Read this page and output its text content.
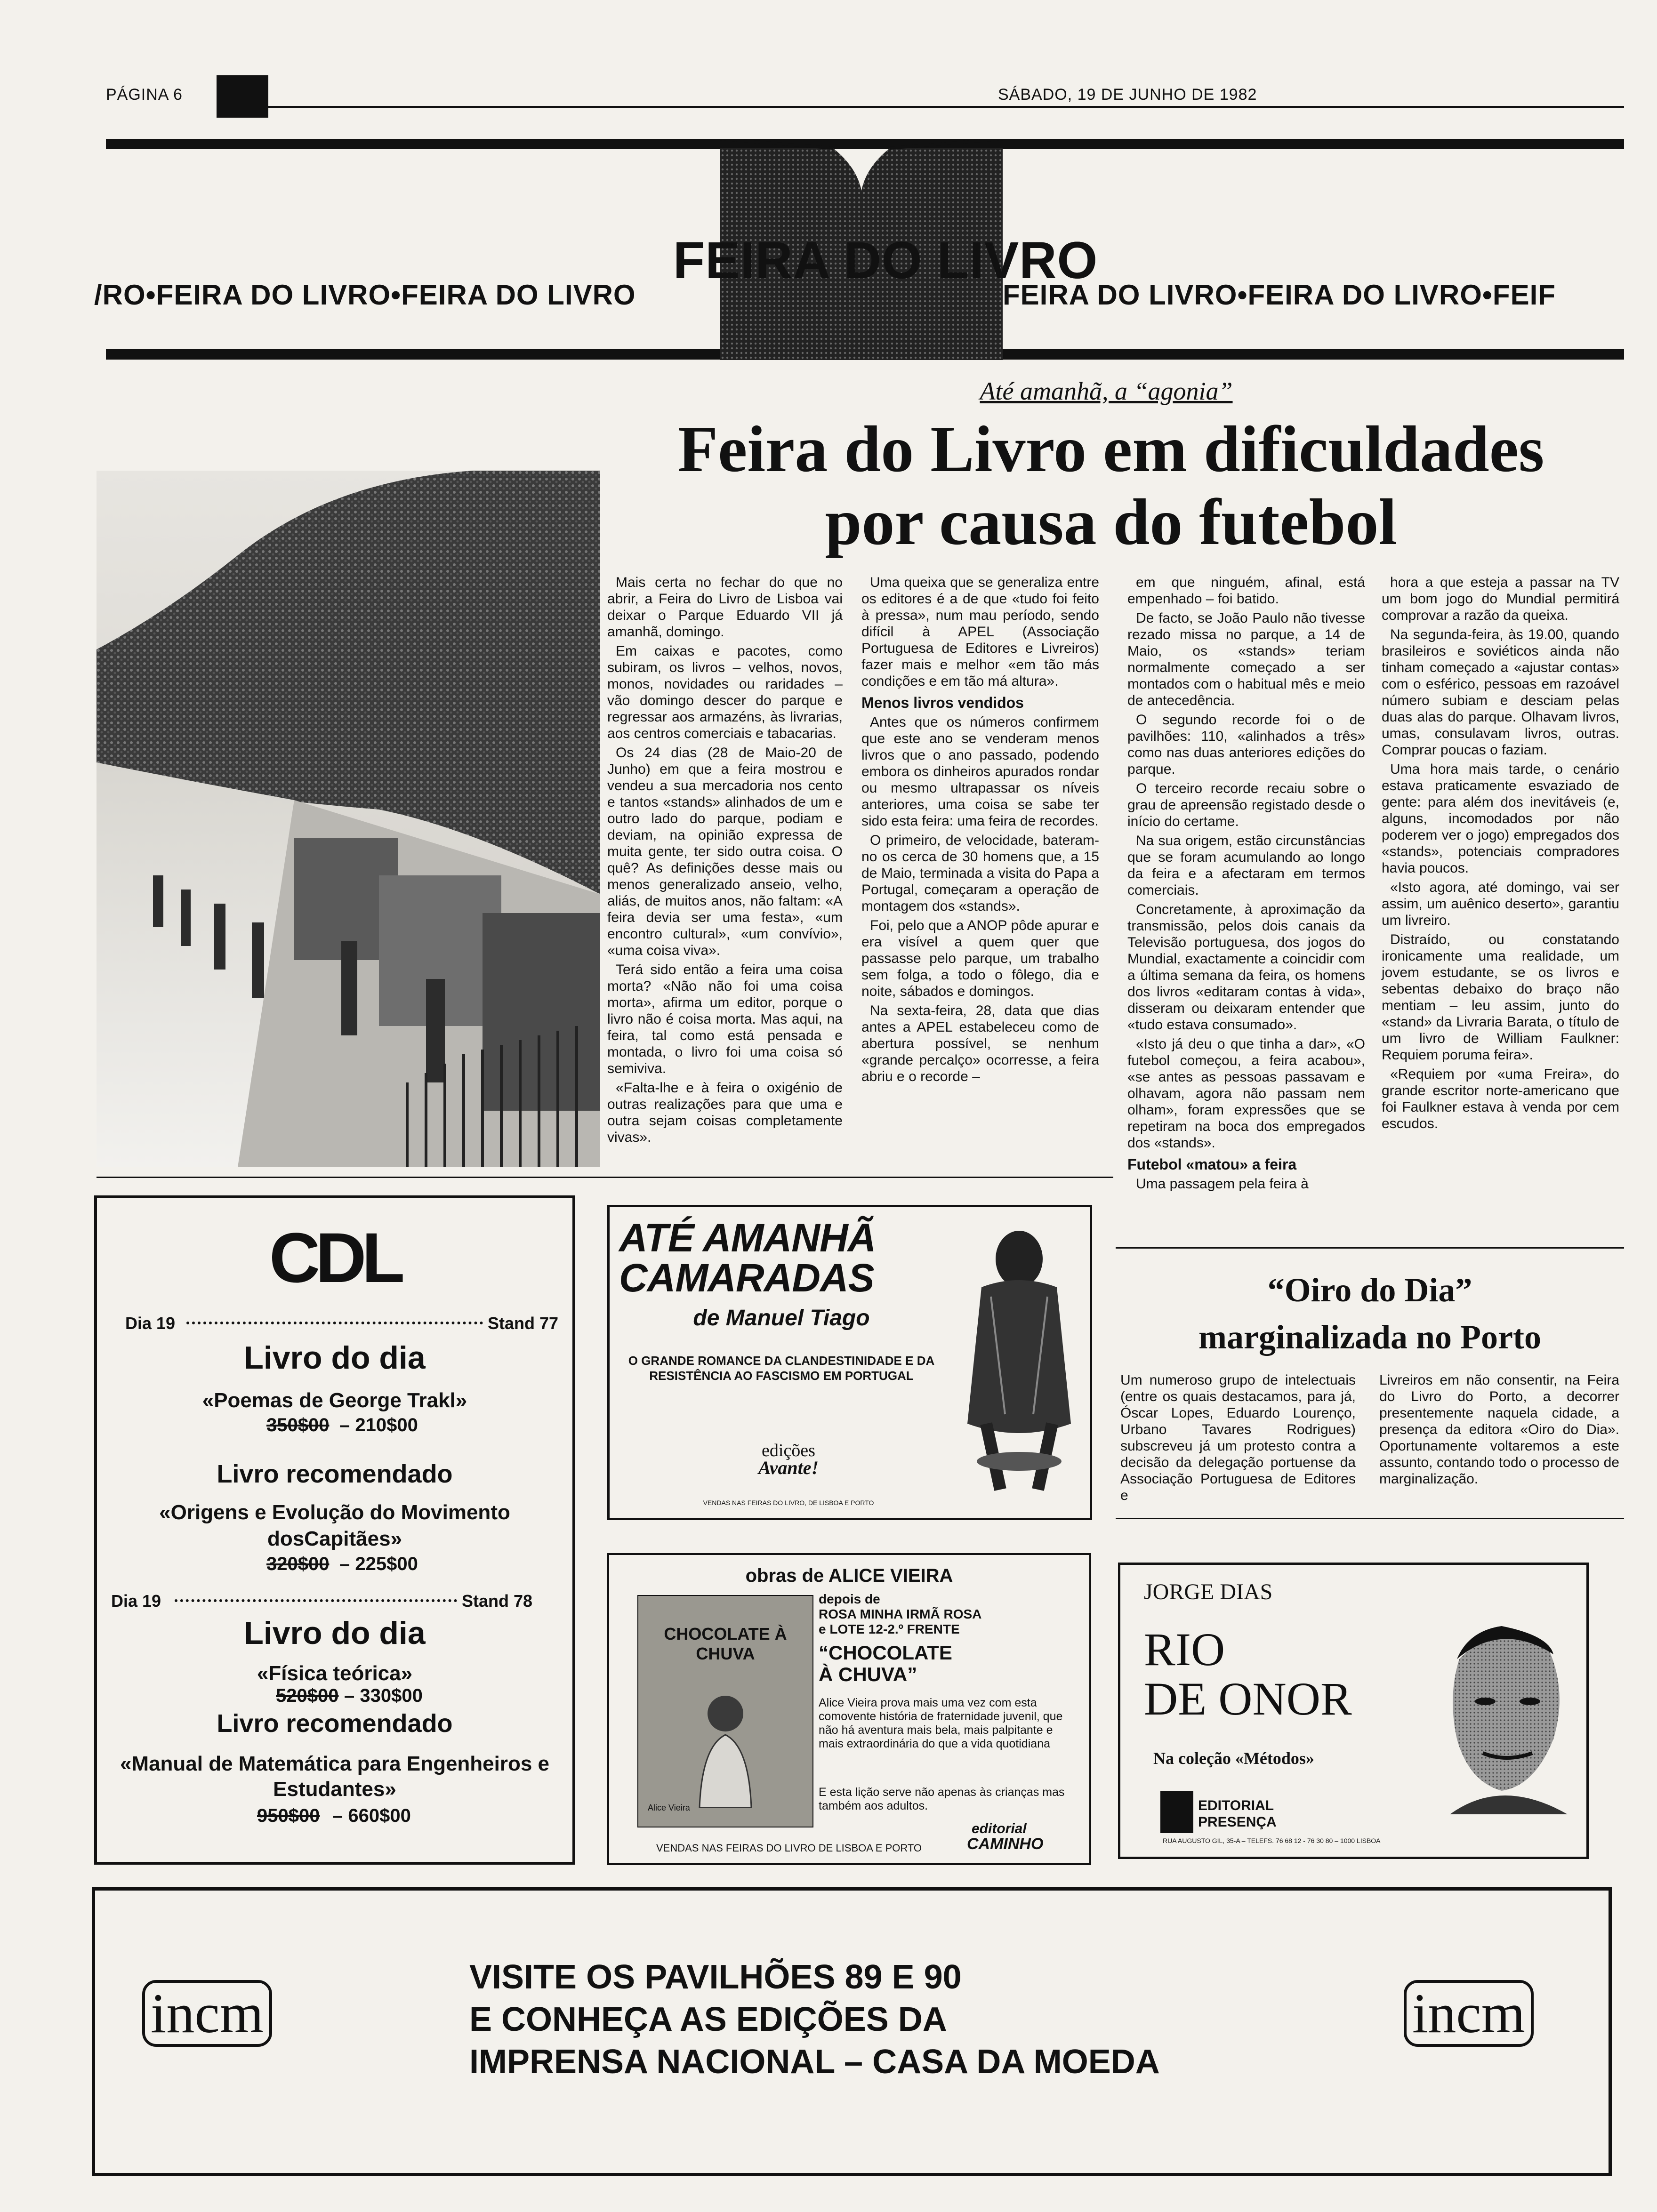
PÁGINA 6	SÁBADO, 19 DE JUNHO DE 1982
/RO•FEIRA DO LIVRO•FEIRA DO LIVRO	FEIRA DO LIVRO•FEIRA DO LIVRO•FEIF
FEIRA DO LIVRO
Até amanhã, a “agonia”
Feira do Livro em dificuldades
por causa do futebol

Mais certa no fechar do que no abrir, a Feira do Livro de Lisboa vai deixar o Parque Eduardo VII já amanhã, domingo.

Em caixas e pacotes, como subiram, os livros – velhos, novos, monos, novidades ou raridades – vão domingo descer do parque e regressar aos armazéns, às livrarias, aos centros comerciais e tabacarias.

Os 24 dias (28 de Maio-20 de Junho) em que a feira mostrou e vendeu a sua mercadoria nos cento e tantos «stands» alinhados de um e outro lado do parque, podiam e deviam, na opinião expressa de muita gente, ter sido outra coisa. O quê? As definições desse mais ou menos generalizado anseio, velho, aliás, de muitos anos, não faltam: «A feira devia ser uma festa», «um encontro cultural», «um convívio», «uma coisa viva».

Terá sido então a feira uma coisa morta? «Não não foi uma coisa morta», afirma um editor, porque o livro não é coisa morta. Mas aqui, na feira, tal como está pensada e montada, o livro foi uma coisa só semiviva.

«Falta-lhe e à feira o oxigénio de outras realizações para que uma e outra sejam coisas completamente vivas».

Uma queixa que se generaliza entre os editores é a de que «tudo foi feito à pressa», num mau período, sendo difícil à APEL (Associação Portuguesa de Editores e Livreiros) fazer mais e melhor «em tão más condições e em tão má altura».

Menos livros vendidos

Antes que os números confirmem que este ano se venderam menos livros que o ano passado, podendo embora os dinheiros apurados rondar ou mesmo ultrapassar os níveis anteriores, uma coisa se sabe ter sido esta feira: uma feira de recordes.

O primeiro, de velocidade, bateram-no os cerca de 30 homens que, a 15 de Maio, terminada a visita do Papa a Portugal, começaram a operação de montagem dos «stands».

Foi, pelo que a ANOP pôde apurar e era visível a quem quer que passasse pelo parque, um trabalho sem folga, a todo o fôlego, dia e noite, sábados e domingos.

Na sexta-feira, 28, data que dias antes a APEL estabeleceu como de abertura possível, se nenhum «grande percalço» ocorresse, a feira abriu e o recorde –

em que ninguém, afinal, está empenhado – foi batido.

De facto, se João Paulo não tivesse rezado missa no parque, a 14 de Maio, os «stands» teriam normalmente começado a ser montados com o habitual mês e meio de antecedência.

O segundo recorde foi o de pavilhões: 110, «alinhados a três» como nas duas anteriores edições do parque.

O terceiro recorde recaiu sobre o grau de apreensão registado desde o início do certame.

Na sua origem, estão circunstâncias que se foram acumulando ao longo da feira e a afectaram em termos comerciais.

Concretamente, à aproximação da transmissão, pelos dois canais da Televisão portuguesa, dos jogos do Mundial, exactamente a coincidir com a última semana da feira, os homens dos livros «editaram contas à vida», disseram ou deixaram entender que «tudo estava consumado».

«Isto já deu o que tinha a dar», «O futebol começou, a feira acabou», «se antes as pessoas passavam e olhavam, agora não passam nem olham», foram expressões que se repetiram na boca dos empregados dos «stands».

Futebol «matou» a feira

Uma passagem pela feira à

hora a que esteja a passar na TV um bom jogo do Mundial permitirá comprovar a razão da queixa.

Na segunda-feira, às 19.00, quando brasileiros e soviéticos ainda não tinham começado a «ajustar contas» com o esférico, pessoas em razoável número subiam e desciam pelas duas alas do parque. Olhavam livros, umas, consulavam livros, outras. Comprar poucas o faziam.

Uma hora mais tarde, o cenário estava praticamente esvaziado de gente: para além dos inevitáveis (e, alguns, incomodados por não poderem ver o jogo) empregados dos «stands», potenciais compradores havia poucos.

«Isto agora, até domingo, vai ser assim, um auênico deserto», garantiu um livreiro.

Distraído, ou constatando ironicamente uma realidade, um jovem estudante, se os livros e sebentas debaixo do braço não mentiam – leu assim, junto do «stand» da Livraria Barata, o título de um livro de William Faulkner: Requiem poruma feira».

«Requiem por «uma Freira», do grande escritor norte-americano que foi Faulkner estava à venda por cem escudos.

CDL
Dia 19	Stand 77
Livro do dia
«Poemas de George Trakl»
350$00 – 210$00
Livro recomendado
«Origens e Evolução do Movimento dosCapitães»
320$00 – 225$00
Dia 19	Stand 78
Livro do dia
«Física teórica»
520$00 – 330$00
Livro recomendado
«Manual de Matemática para Engenheiros e Estudantes»
950$00 – 660$00
ATÉ AMANHÃ
CAMARADAS
de Manuel Tiago
O GRANDE ROMANCE DA CLANDESTINIDADE E DA RESISTÊNCIA AO FASCISMO EM PORTUGAL
edições
Avante!
VENDAS NAS FEIRAS DO LIVRO, DE LISBOA E PORTO
“Oiro do Dia”
marginalizada no Porto
Um numeroso grupo de intelectuais (entre os quais destacamos, para já, Óscar Lopes, Eduardo Lourenço, Urbano Tavares Rodrigues) subscreveu já um protesto contra a decisão da delegação portuense da Associação Portuguesa de Editores e
Livreiros em não consentir, na Feira do Livro do Porto, a decorrer presentemente naquela cidade, a presença da editora «Oiro do Dia». Oportunamente voltaremos a este assunto, contando todo o processo de marginalização.
obras de ALICE VIEIRA
CHOCOLATE À CHUVA
Alice Vieira
depois de
ROSA MINHA IRMÃ ROSA
e LOTE 12-2.º FRENTE
“CHOCOLATE À CHUVA”
Alice Vieira prova mais uma vez com esta comovente história de fraternidade juvenil, que não há aventura mais bela, mais palpitante e mais extraordinária do que a vida quotidiana
E esta lição serve não apenas às crianças mas também aos adultos.
VENDAS NAS FEIRAS DO LIVRO DE LISBOA E PORTO
editorial
CAMINHO
JORGE DIAS
RIO
DE ONOR
Na coleção «Métodos»
EDITORIAL
PRESENÇA
RUA AUGUSTO GIL, 35-A – TELEFS. 76 68 12 - 76 30 80 – 1000 LISBOA
incm
VISITE OS PAVILHÕES 89 E 90
E CONHEÇA AS EDIÇÕES DA
IMPRENSA NACIONAL – CASA DA MOEDA
incm
